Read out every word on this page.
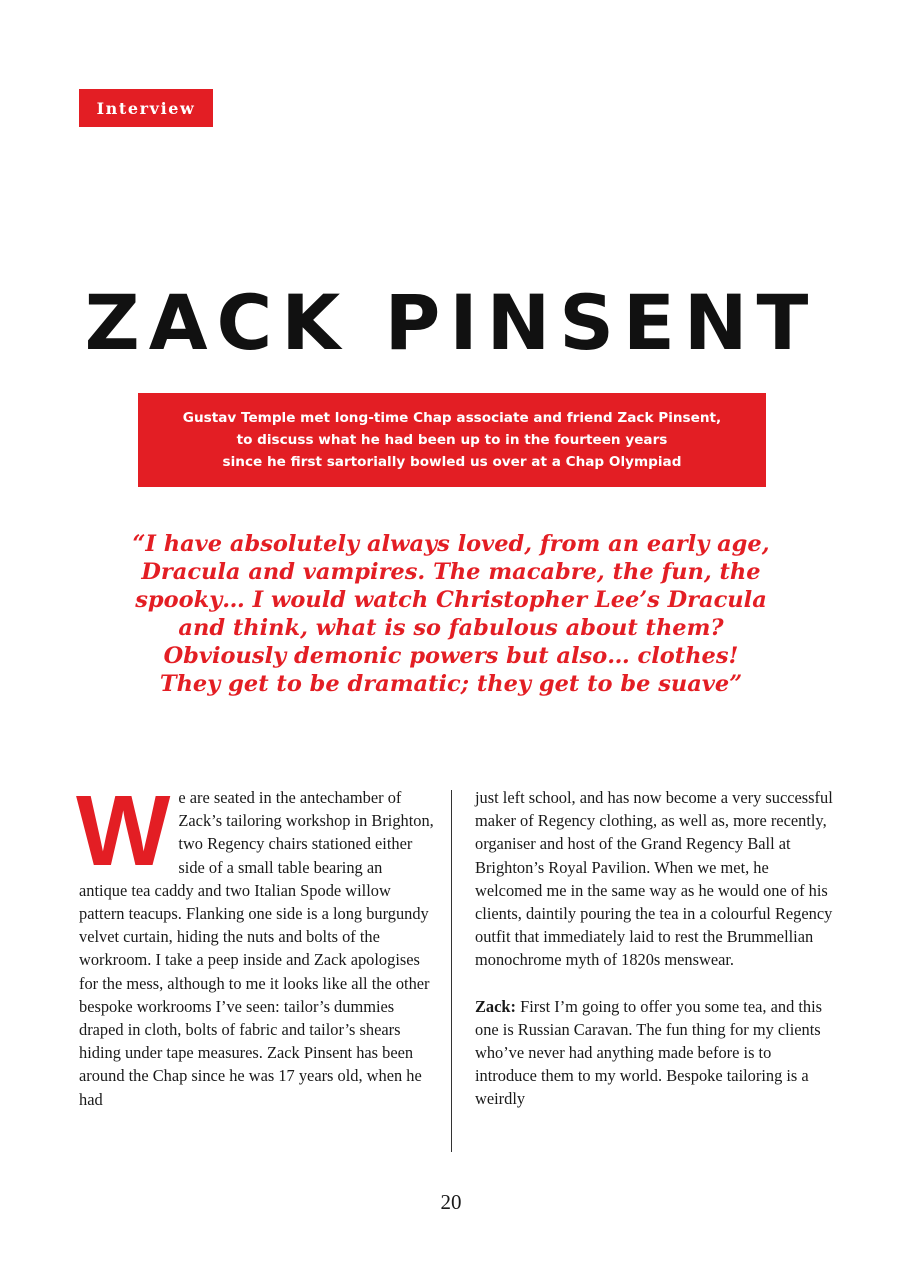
Interview
ZACK PINSENT
Gustav Temple met long-time Chap associate and friend Zack Pinsent,
to discuss what he had been up to in the fourteen years
since he first sartorially bowled us over at a Chap Olympiad
“I have absolutely always loved, from an early age,
Dracula and vampires. The macabre, the fun, the
spooky… I would watch Christopher Lee’s Dracula
and think, what is so fabulous about them?
Obviously demonic powers but also… clothes!
They get to be dramatic; they get to be suave”
W e are seated in the antechamber of Zack’s tailoring workshop in Brighton, two Regency chairs stationed either side of a small table bearing an antique tea caddy and two Italian Spode willow pattern teacups. Flanking one side is a long burgundy velvet curtain, hiding the nuts and bolts of the workroom. I take a peep inside and Zack apologises for the mess, although to me it looks like all the other bespoke workrooms I’ve seen: tailor’s dummies draped in cloth, bolts of fabric and tailor’s shears hiding under tape measures. Zack Pinsent has been around the Chap since he was 17 years old, when he had

just left school, and has now become a very successful maker of Regency clothing, as well as, more recently, organiser and host of the Grand Regency Ball at Brighton’s Royal Pavilion. When we met, he welcomed me in the same way as he would one of his clients, daintily pouring the tea in a colourful Regency outfit that immediately laid to rest the Brummellian monochrome myth of 1820s menswear.

Zack: First I’m going to offer you some tea, and this one is Russian Caravan. The fun thing for my clients who’ve never had anything made before is to introduce them to my world. Bespoke tailoring is a weirdly

20
